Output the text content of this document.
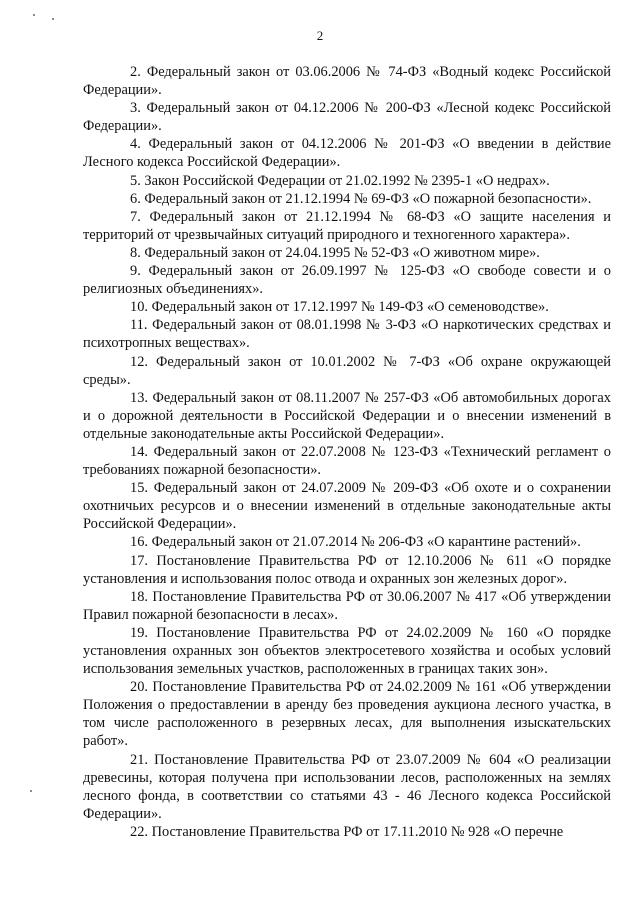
2

2. Федеральный закон от 03.06.2006 № 74-ФЗ «Водный кодекс Российской Федерации».

3. Федеральный закон от 04.12.2006 № 200-ФЗ «Лесной кодекс Российской Федерации».

4. Федеральный закон от 04.12.2006 № 201-ФЗ «О введении в действие Лесного кодекса Российской Федерации».

5. Закон Российской Федерации от 21.02.1992 № 2395-1 «О недрах».

6. Федеральный закон от 21.12.1994 № 69-ФЗ «О пожарной безопасности».

7. Федеральный закон от 21.12.1994 № 68-ФЗ «О защите населения и территорий от чрезвычайных ситуаций природного и техногенного характера».

8. Федеральный закон от 24.04.1995 № 52-ФЗ «О животном мире».

9. Федеральный закон от 26.09.1997 № 125-ФЗ «О свободе совести и о религиозных объединениях».

10. Федеральный закон от 17.12.1997 № 149-ФЗ «О семеноводстве».

11. Федеральный закон от 08.01.1998 № 3-ФЗ «О наркотических средствах и психотропных веществах».

12. Федеральный закон от 10.01.2002 № 7-ФЗ «Об охране окружающей среды».

13. Федеральный закон от 08.11.2007 № 257-ФЗ «Об автомобильных дорогах и о дорожной деятельности в Российской Федерации и о внесении изменений в отдельные законодательные акты Российской Федерации».

14. Федеральный закон от 22.07.2008 № 123-ФЗ «Технический регламент о требованиях пожарной безопасности».

15. Федеральный закон от 24.07.2009 № 209-ФЗ «Об охоте и о сохранении охотничьих ресурсов и о внесении изменений в отдельные законодательные акты Российской Федерации».

16. Федеральный закон от 21.07.2014 № 206-ФЗ «О карантине растений».

17. Постановление Правительства РФ от 12.10.2006 № 611 «О порядке установления и использования полос отвода и охранных зон железных дорог».

18. Постановление Правительства РФ от 30.06.2007 № 417 «Об утверждении Правил пожарной безопасности в лесах».

19. Постановление Правительства РФ от 24.02.2009 № 160 «О порядке установления охранных зон объектов электросетевого хозяйства и особых условий использования земельных участков, расположенных в границах таких зон».

20. Постановление Правительства РФ от 24.02.2009 № 161 «Об утверждении Положения о предоставлении в аренду без проведения аукциона лесного участка, в том числе расположенного в резервных лесах, для выполнения изыскательских работ».

21. Постановление Правительства РФ от 23.07.2009 № 604 «О реализации древесины, которая получена при использовании лесов, расположенных на землях лесного фонда, в соответствии со статьями 43 - 46 Лесного кодекса Российской Федерации».

22. Постановление Правительства РФ от 17.11.2010 № 928 «О перечне
